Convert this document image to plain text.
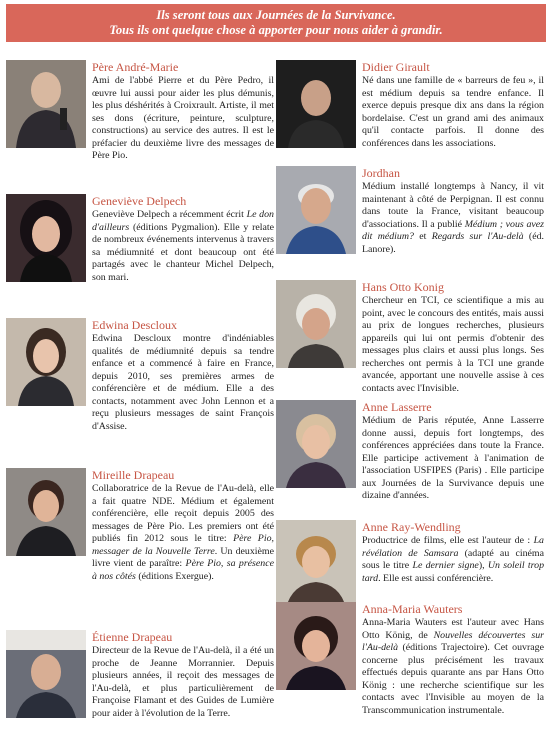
Ils seront tous aux Journées de la Survivance.
Tous ils ont quelque chose à apporter pour nous aider à grandir.
Père André-Marie

Ami de l'abbé Pierre et du Père Pedro, il œuvre lui aussi pour aider les plus démunis, les plus déshérités à Croixrault. Artiste, il met ses dons (écriture, peinture, sculpture, constructions) au service des autres. Il est le préfacier du deuxième livre des messages de Père Pio.

Geneviève Delpech

Geneviève Delpech a récemment écrit Le don d'ailleurs (éditions Pygmalion). Elle y relate de nombreux événements intervenus à travers sa médiumnité et dont beaucoup ont été partagés avec le chanteur Michel Delpech, son mari.

Edwina Descloux

Edwina Descloux montre d'indéniables qualités de médiumnité depuis sa tendre enfance et a commencé à faire en France, depuis 2010, ses premières armes de conférencière et de médium. Elle a des contacts, notamment avec John Lennon et a reçu plusieurs messages de saint François d'Assise.

Mireille Drapeau

Collaboratrice de la Revue de l'Au-delà, elle a fait quatre NDE. Médium et également conférencière, elle reçoit depuis 2005 des messages de Père Pio. Les premiers ont été publiés fin 2012 sous le titre: Père Pio, messager de la Nouvelle Terre. Un deuxième livre vient de paraître: Père Pio, sa présence à nos côtés (éditions Exergue).

Étienne Drapeau

Directeur de la Revue de l'Au-delà, il a été un proche de Jeanne Morrannier. Depuis plusieurs années, il reçoit des messages de l'Au-delà, et plus particulièrement de Françoise Flamant et des Guides de Lumière pour aider à l'évolution de la Terre.

Didier Girault

Né dans une famille de « barreurs de feu », il est médium depuis sa tendre enfance. Il exerce depuis presque dix ans dans la région bordelaise. C'est un grand ami des animaux qu'il contacte parfois. Il donne des conférences dans les associations.

Jordhan

Médium installé longtemps à Nancy, il vit maintenant à côté de Perpignan. Il est connu dans toute la France, visitant beaucoup d'associations. Il a publié Médium ; vous avez dit médium? et Regards sur l'Au-delà (éd. Lanore).

Hans Otto Konig

Chercheur en TCI, ce scientifique a mis au point, avec le concours des entités, mais aussi au prix de longues recherches, plusieurs appareils qui lui ont permis d'obtenir des messages plus clairs et aussi plus longs. Ses recherches ont permis à la TCI une grande avancée, apportant une nouvelle assise à ces contacts avec l'Invisible.

Anne Lasserre

Médium de Paris réputée, Anne Lasserre donne aussi, depuis fort longtemps, des conférences appréciées dans toute la France. Elle participe activement à l'animation de l'association USFIPES (Paris) . Elle participe aux Journées de la Survivance depuis une dizaine d'années.

Anne Ray-Wendling

Productrice de films, elle est l'auteur de : La révélation de Samsara (adapté au cinéma sous le titre Le dernier signe), Un soleil trop tard. Elle est aussi conférencière.

Anna-Maria Wauters

Anna-Maria Wauters est l'auteur avec Hans Otto König, de Nouvelles découvertes sur l'Au-delà (éditions Trajectoire). Cet ouvrage concerne plus précisément les travaux effectués depuis quarante ans par Hans Otto König : une recherche scientifique sur les contacts avec l'Invisible au moyen de la Transcommunication instrumentale.
